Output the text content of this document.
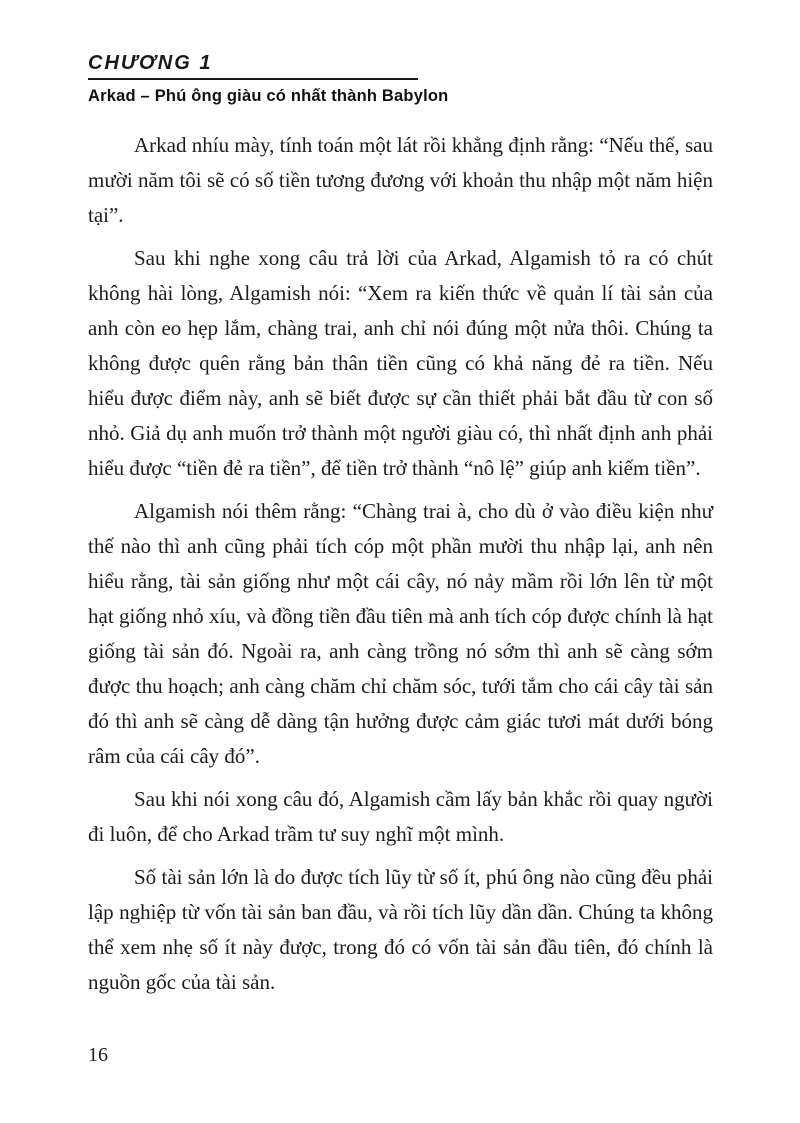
CHƯƠNG 1
Arkad – Phú ông giàu có nhất thành Babylon

Arkad nhíu mày, tính toán một lát rồi khẳng định rằng: “Nếu thế, sau mười năm tôi sẽ có số tiền tương đương với khoản thu nhập một năm hiện tại”.

Sau khi nghe xong câu trả lời của Arkad, Algamish tỏ ra có chút không hài lòng, Algamish nói: “Xem ra kiến thức về quản lí tài sản của anh còn eo hẹp lắm, chàng trai, anh chỉ nói đúng một nửa thôi. Chúng ta không được quên rằng bản thân tiền cũng có khả năng đẻ ra tiền. Nếu hiểu được điểm này, anh sẽ biết được sự cần thiết phải bắt đầu từ con số nhỏ. Giả dụ anh muốn trở thành một người giàu có, thì nhất định anh phải hiểu được “tiền đẻ ra tiền”, để tiền trở thành “nô lệ” giúp anh kiếm tiền”.

Algamish nói thêm rằng: “Chàng trai à, cho dù ở vào điều kiện như thế nào thì anh cũng phải tích cóp một phần mười thu nhập lại, anh nên hiểu rằng, tài sản giống như một cái cây, nó nảy mầm rồi lớn lên từ một hạt giống nhỏ xíu, và đồng tiền đầu tiên mà anh tích cóp được chính là hạt giống tài sản đó. Ngoài ra, anh càng trồng nó sớm thì anh sẽ càng sớm được thu hoạch; anh càng chăm chỉ chăm sóc, tưới tắm cho cái cây tài sản đó thì anh sẽ càng dễ dàng tận hưởng được cảm giác tươi mát dưới bóng râm của cái cây đó”.

Sau khi nói xong câu đó, Algamish cầm lấy bản khắc rồi quay người đi luôn, để cho Arkad trầm tư suy nghĩ một mình.

Số tài sản lớn là do được tích lũy từ số ít, phú ông nào cũng đều phải lập nghiệp từ vốn tài sản ban đầu, và rồi tích lũy dần dần. Chúng ta không thể xem nhẹ số ít này được, trong đó có vốn tài sản đầu tiên, đó chính là nguồn gốc của tài sản.

16
